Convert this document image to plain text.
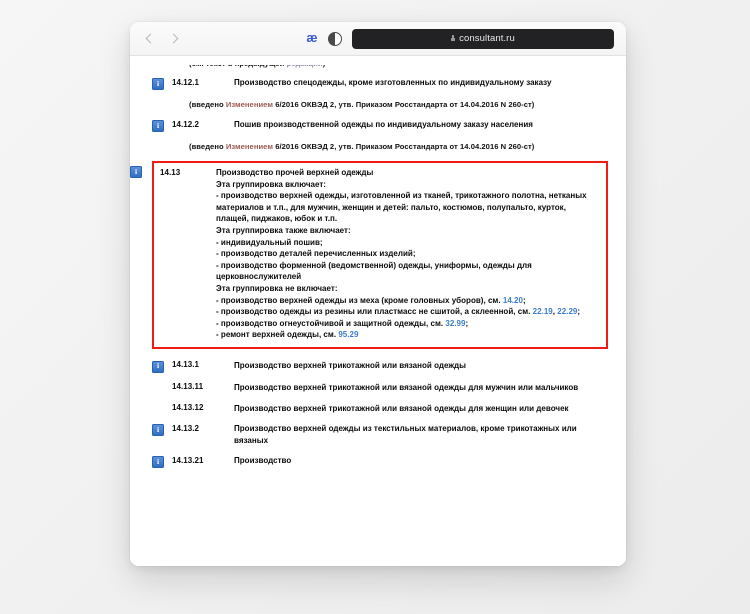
æ	consultant.ru
i
14.12.1	Производство спецодежды, кроме изготовленных по индивидуальному заказу
(введено Изменением 6/2016 ОКВЭД 2, утв. Приказом Росстандарта от 14.04.2016 N 260-ст)
i
14.12.2	Пошив производственной одежды по индивидуальному заказу населения
(введено Изменением 6/2016 ОКВЭД 2, утв. Приказом Росстандарта от 14.04.2016 N 260-ст)
i
14.13	Производство прочей верхней одежды

Эта группировка включает:

- производство верхней одежды, изготовленной из тканей, трикотажного полотна, нетканых материалов и т.п., для мужчин, женщин и детей: пальто, костюмов, полупальто, курток, плащей, пиджаков, юбок и т.п.

Эта группировка также включает:

- индивидуальный пошив;

- производство деталей перечисленных изделий;

- производство форменной (ведомственной) одежды, униформы, одежды для церковнослужителей

Эта группировка не включает:

- производство верхней одежды из меха (кроме головных уборов), см. 14.20;

- производство одежды из резины или пластмасс не сшитой, а склеенной, см. 22.19, 22.29;

- производство огнеустойчивой и защитной одежды, см. 32.99;

- ремонт верхней одежды, см. 95.29

i
14.13.1	Производство верхней трикотажной или вязаной одежды
14.13.11	Производство верхней трикотажной или вязаной одежды для мужчин или мальчиков
14.13.12	Производство верхней трикотажной или вязаной одежды для женщин или девочек
i
14.13.2	Производство верхней одежды из текстильных материалов, кроме трикотажных или вязаных
i
14.13.21	Производство
